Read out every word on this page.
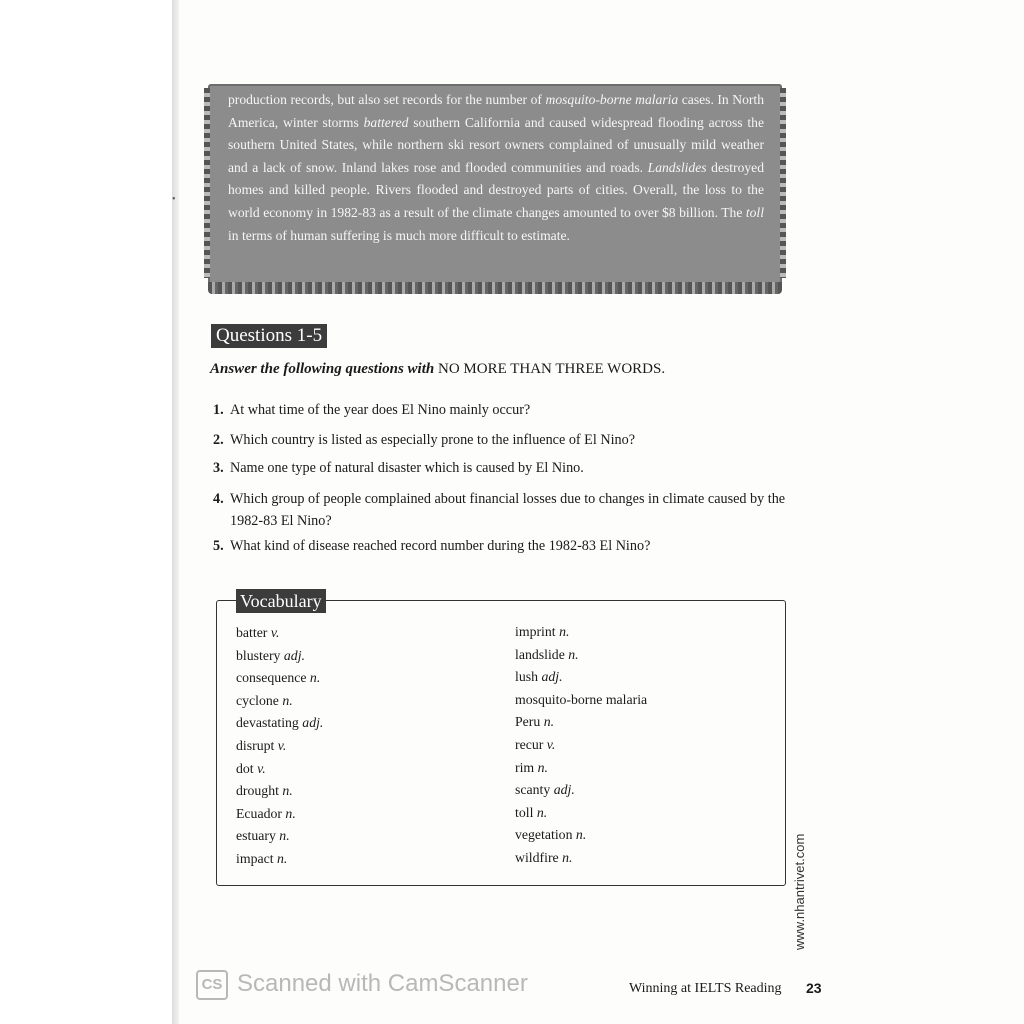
•
production records, but also set records for the number of mosquito-borne malaria cases. In North America, winter storms battered southern California and caused widespread flooding across the southern United States, while northern ski resort owners complained of unusually mild weather and a lack of snow. Inland lakes rose and flooded communities and roads. Landslides destroyed homes and killed people. Rivers flooded and destroyed parts of cities. Overall, the loss to the world economy in 1982-83 as a result of the climate changes amounted to over $8 billion. The toll in terms of human suffering is much more difficult to estimate.
Questions 1-5
Answer the following questions with NO MORE THAN THREE WORDS.
1. At what time of the year does El Nino mainly occur?
2. Which country is listed as especially prone to the influence of El Nino?
3. Name one type of natural disaster which is caused by El Nino.
4. Which group of people complained about financial losses due to changes in climate caused by the 1982-83 El Nino?
5. What kind of disease reached record number during the 1982-83 El Nino?
Vocabulary
batter v.
blustery adj.
consequence n.
cyclone n.
devastating adj.
disrupt v.
dot v.
drought n.
Ecuador n.
estuary n.
impact n.
imprint n.
landslide n.
lush adj.
mosquito-borne malaria
Peru n.
recur v.
rim n.
scanty adj.
toll n.
vegetation n.
wildfire n.	www.nhantrivet.com
CS Scanned with CamScanner	Winning at IELTS Reading 23
